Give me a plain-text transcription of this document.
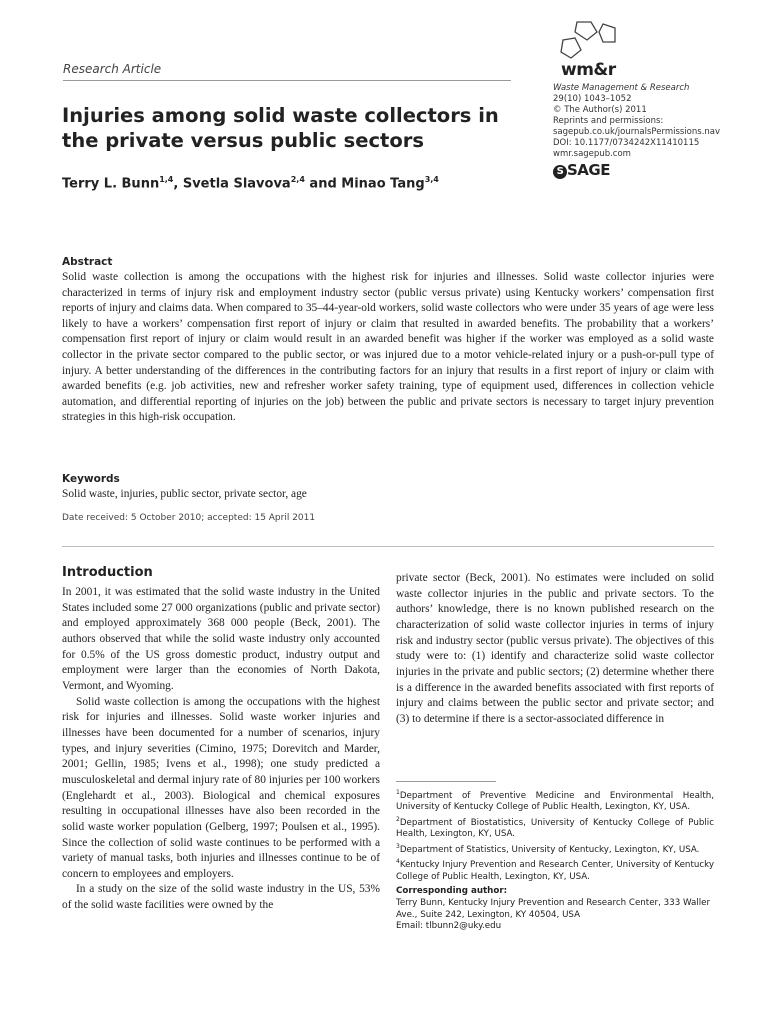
Research Article	wm&r
Waste Management & Research
29(10) 1043–1052
© The Author(s) 2011
Reprints and permissions:
sagepub.co.uk/journalsPermissions.nav
DOI: 10.1177/0734242X11410115
wmr.sagepub.com
S SAGE
Injuries among solid waste collectors in the private versus public sectors
Terry L. Bunn$^{1,4}$, Svetla Slavova$^{2,4}$ and Minao Tang$^{3,4}$
Abstract
Solid waste collection is among the occupations with the highest risk for injuries and illnesses. Solid waste collector injuries were characterized in terms of injury risk and employment industry sector (public versus private) using Kentucky workers’ compensation first reports of injury and claims data. When compared to 35–44-year-old workers, solid waste collectors who were under 35 years of age were less likely to have a workers’ compensation first report of injury or claim that resulted in awarded benefits. The probability that a workers’ compensation first report of injury or claim would result in an awarded benefit was higher if the worker was employed as a solid waste collector in the private sector compared to the public sector, or was injured due to a motor vehicle-related injury or a push-or-pull type of injury. A better understanding of the differences in the contributing factors for an injury that results in a first report of injury or claim with awarded benefits (e.g. job activities, new and refresher worker safety training, type of equipment used, differences in collection vehicle automation, and differential reporting of injuries on the job) between the public and private sectors is necessary to target injury prevention strategies in this high-risk occupation.
Keywords
Solid waste, injuries, public sector, private sector, age
Date received: 5 October 2010; accepted: 15 April 2011
Introduction

In 2001, it was estimated that the solid waste industry in the United States included some 27 000 organizations (public and private sector) and employed approximately 368 000 people (Beck, 2001). The authors observed that while the solid waste industry only accounted for 0.5% of the US gross domestic product, industry output and employment were larger than the economies of North Dakota, Vermont, and Wyoming.

Solid waste collection is among the occupations with the highest risk for injuries and illnesses. Solid waste worker injuries and illnesses have been documented for a number of scenarios, injury types, and injury severities (Cimino, 1975; Dorevitch and Marder, 2001; Gellin, 1985; Ivens et al., 1998); one study predicted a musculoskeletal and dermal injury rate of 80 injuries per 100 workers (Englehardt et al., 2003). Biological and chemical exposures resulting in occupational illnesses have also been recorded in the solid waste worker population (Gelberg, 1997; Poulsen et al., 1995). Since the collection of solid waste continues to be performed with a variety of manual tasks, both injuries and illnesses continue to be of concern to employees and employers.

In a study on the size of the solid waste industry in the US, 53% of the solid waste facilities were owned by the

private sector (Beck, 2001). No estimates were included on solid waste collector injuries in the public and private sectors. To the authors’ knowledge, there is no known published research on the characterization of solid waste collector injuries in terms of injury risk and industry sector (public versus private). The objectives of this study were to: (1) identify and characterize solid waste collector injuries in the private and public sectors; (2) determine whether there is a difference in the awarded benefits associated with first reports of injury and claims between the public sector and private sector; and (3) to determine if there is a sector-associated difference in

$^1$Department of Preventive Medicine and Environmental Health, University of Kentucky College of Public Health, Lexington, KY, USA.

$^2$Department of Biostatistics, University of Kentucky College of Public Health, Lexington, KY, USA.

$^3$Department of Statistics, University of Kentucky, Lexington, KY, USA.

$^4$Kentucky Injury Prevention and Research Center, University of Kentucky College of Public Health, Lexington, KY, USA.

Corresponding author:
Terry Bunn, Kentucky Injury Prevention and Research Center, 333 Waller Ave., Suite 242, Lexington, KY 40504, USA
Email: tlbunn2@uky.edu
